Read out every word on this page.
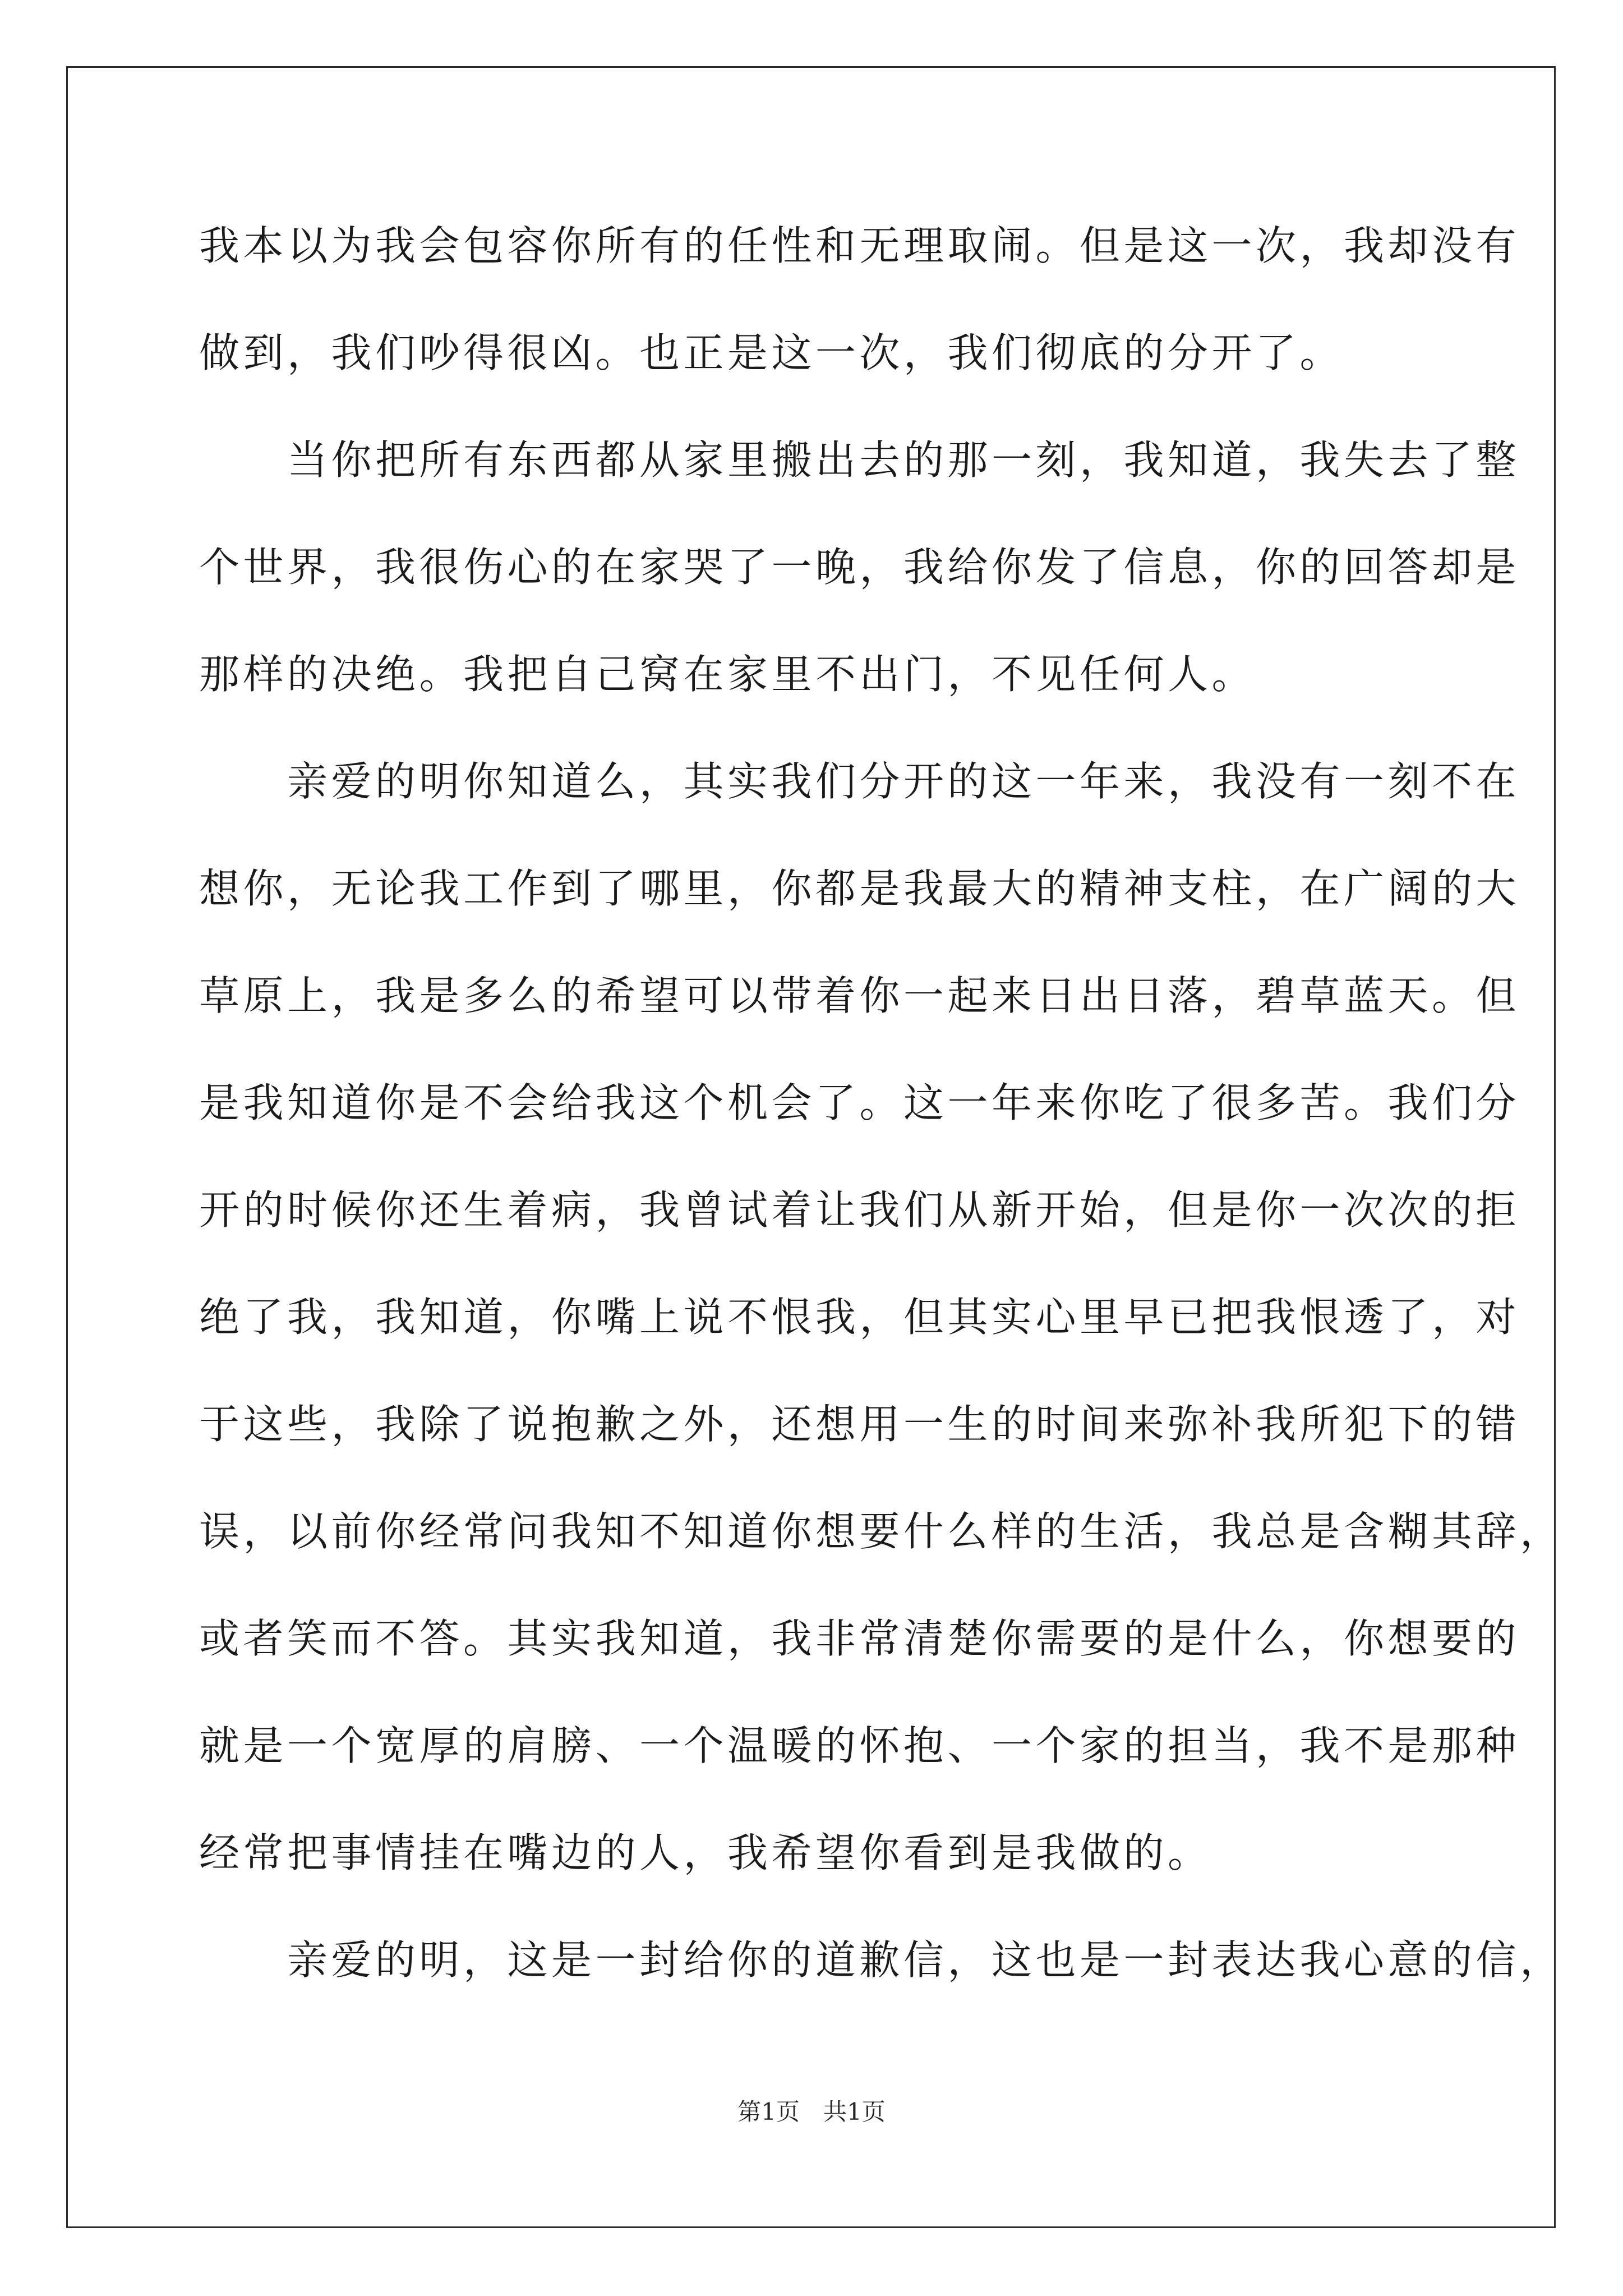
我本以为我会包容你所有的任性和无理取闹。但是这一次，我却没有
做到，我们吵得很凶。也正是这一次，我们彻底的分开了。
　　当你把所有东西都从家里搬出去的那一刻，我知道，我失去了整
个世界，我很伤心的在家哭了一晚，我给你发了信息，你的回答却是
那样的决绝。我把自己窝在家里不出门，不见任何人。
　　亲爱的明你知道么，其实我们分开的这一年来，我没有一刻不在
想你，无论我工作到了哪里，你都是我最大的精神支柱，在广阔的大
草原上，我是多么的希望可以带着你一起来日出日落，碧草蓝天。但
是我知道你是不会给我这个机会了。这一年来你吃了很多苦。我们分
开的时候你还生着病，我曾试着让我们从新开始，但是你一次次的拒
绝了我，我知道，你嘴上说不恨我，但其实心里早已把我恨透了，对
于这些，我除了说抱歉之外，还想用一生的时间来弥补我所犯下的错
误，以前你经常问我知不知道你想要什么样的生活，我总是含糊其辞，
或者笑而不答。其实我知道，我非常清楚你需要的是什么，你想要的
就是一个宽厚的肩膀、一个温暖的怀抱、一个家的担当，我不是那种
经常把事情挂在嘴边的人，我希望你看到是我做的。
　　亲爱的明，这是一封给你的道歉信，这也是一封表达我心意的信，
第1页　共1页
